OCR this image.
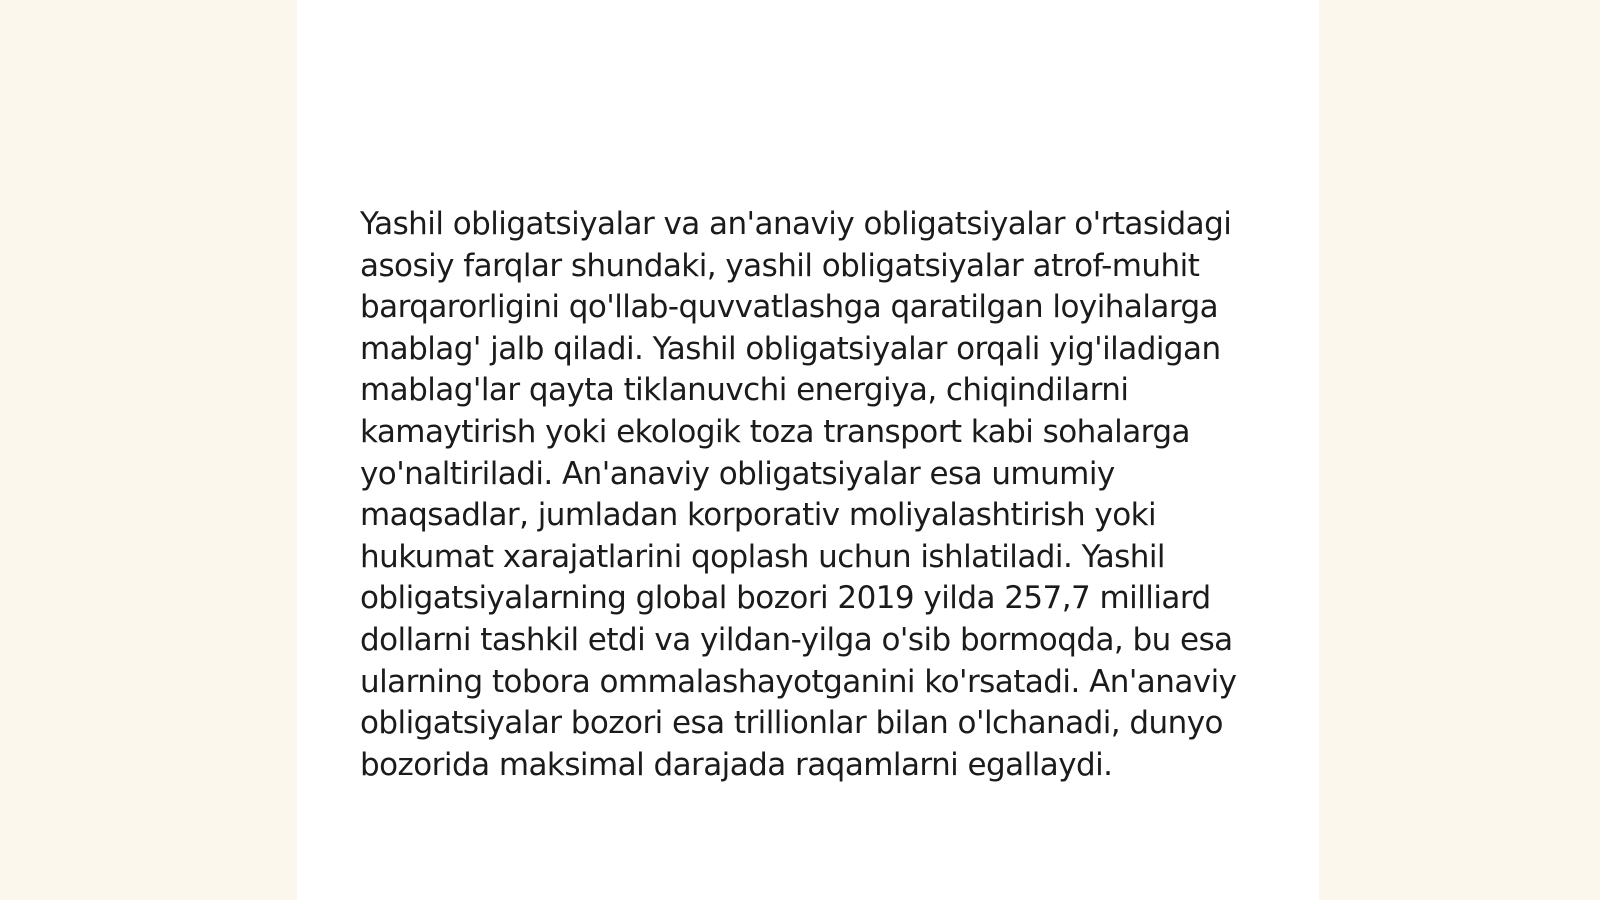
Yashil obligatsiyalar va an'anaviy obligatsiyalar o'rtasidagi asosiy farqlar shundaki, yashil obligatsiyalar atrof-muhit barqarorligini qo'llab-quvvatlashga qaratilgan loyihalarga mablag' jalb qiladi. Yashil obligatsiyalar orqali yig'iladigan mablag'lar qayta tiklanuvchi energiya, chiqindilarni kamaytirish yoki ekologik toza transport kabi sohalarga yo'naltiriladi. An'anaviy obligatsiyalar esa umumiy maqsadlar, jumladan korporativ moliyalashtirish yoki hukumat xarajatlarini qoplash uchun ishlatiladi. Yashil obligatsiyalarning global bozori 2019 yilda 257,7 milliard dollarni tashkil etdi va yildan-yilga o'sib bormoqda, bu esa ularning tobora ommalashayotganini ko'rsatadi. An'anaviy obligatsiyalar bozori esa trillionlar bilan o'lchanadi, dunyo bozorida maksimal darajada raqamlarni egallaydi.
